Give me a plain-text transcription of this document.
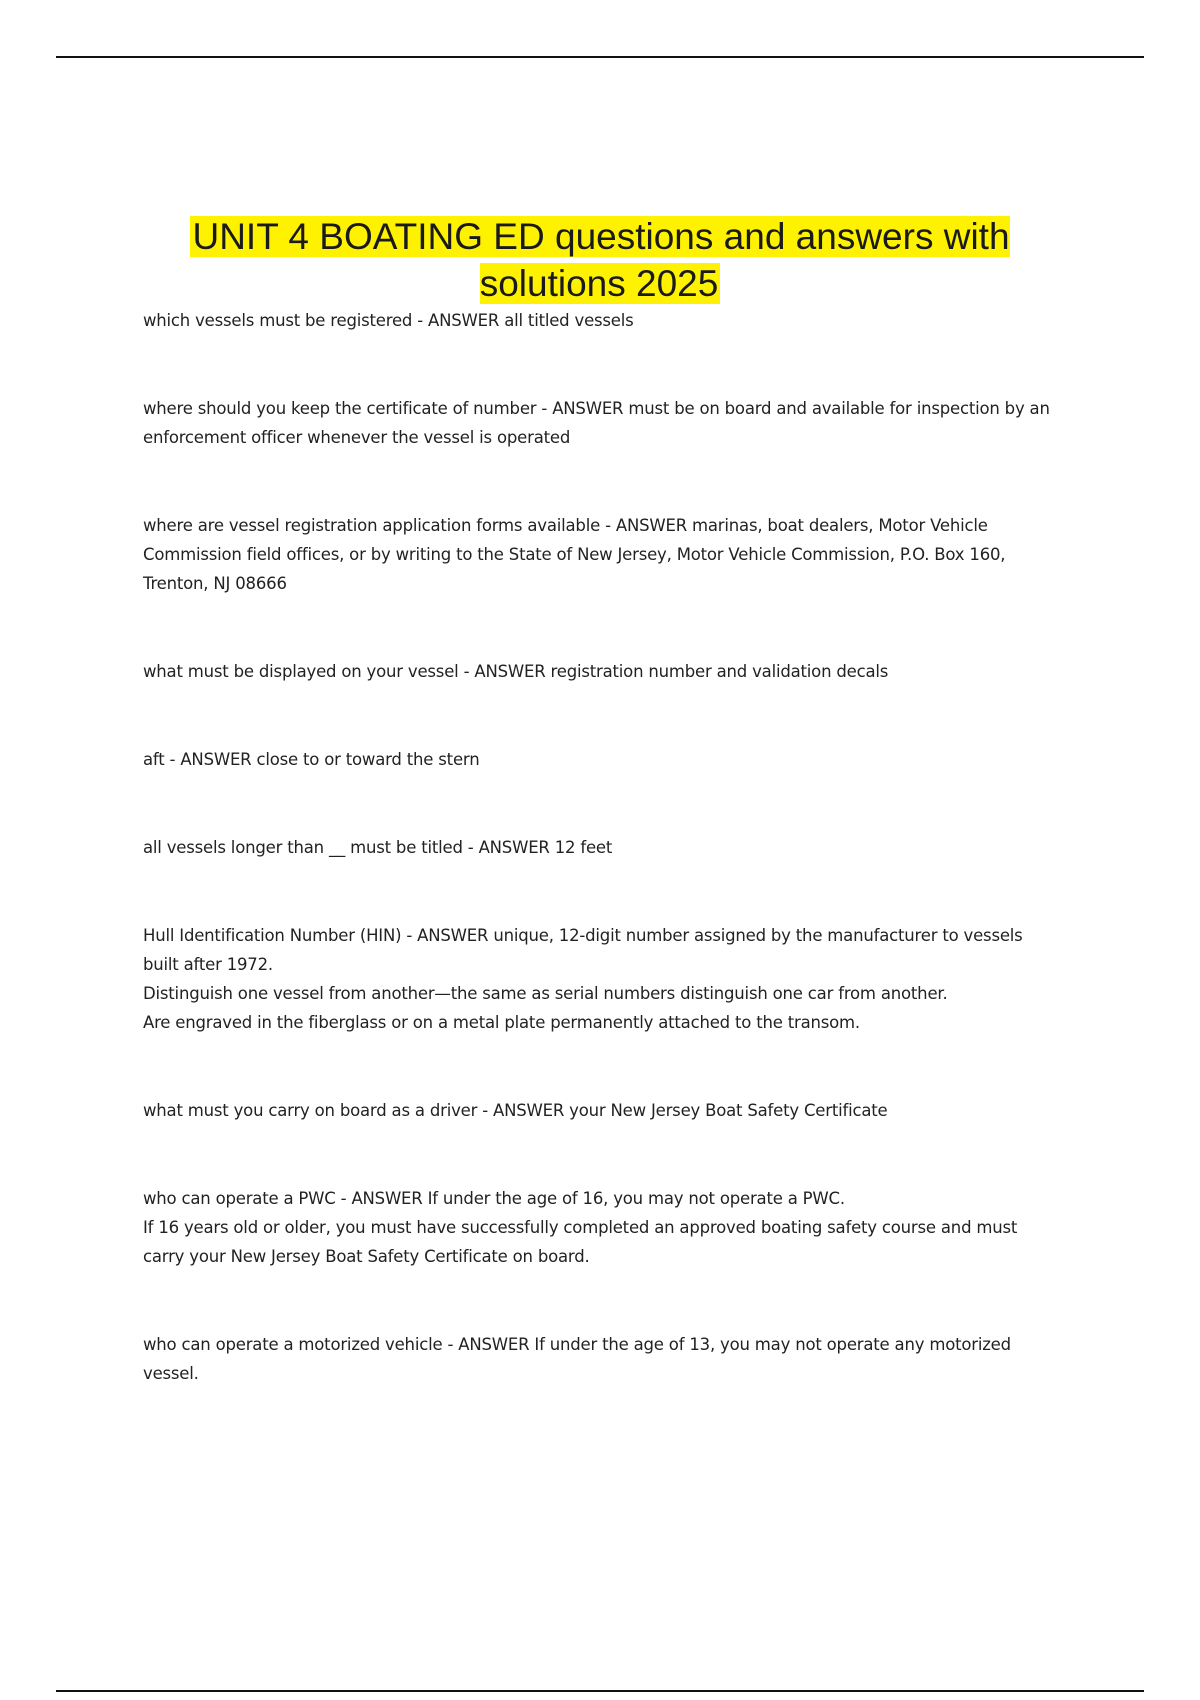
UNIT 4 BOATING ED questions and answers with solutions 2025

which vessels must be registered - ANSWER all titled vessels

where should you keep the certificate of number - ANSWER must be on board and available for inspection by an enforcement officer whenever the vessel is operated

where are vessel registration application forms available - ANSWER marinas, boat dealers, Motor Vehicle Commission field offices, or by writing to the State of New Jersey, Motor Vehicle Commission, P.O. Box 160, Trenton, NJ 08666

what must be displayed on your vessel - ANSWER registration number and validation decals

aft - ANSWER close to or toward the stern

all vessels longer than __ must be titled - ANSWER 12 feet

Hull Identification Number (HIN) - ANSWER unique, 12-digit number assigned by the manufacturer to vessels built after 1972.

Distinguish one vessel from another—the same as serial numbers distinguish one car from another.

Are engraved in the fiberglass or on a metal plate permanently attached to the transom.

what must you carry on board as a driver - ANSWER your New Jersey Boat Safety Certificate

who can operate a PWC - ANSWER If under the age of 16, you may not operate a PWC.

If 16 years old or older, you must have successfully completed an approved boating safety course and must carry your New Jersey Boat Safety Certificate on board.

who can operate a motorized vehicle - ANSWER If under the age of 13, you may not operate any motorized vessel.
